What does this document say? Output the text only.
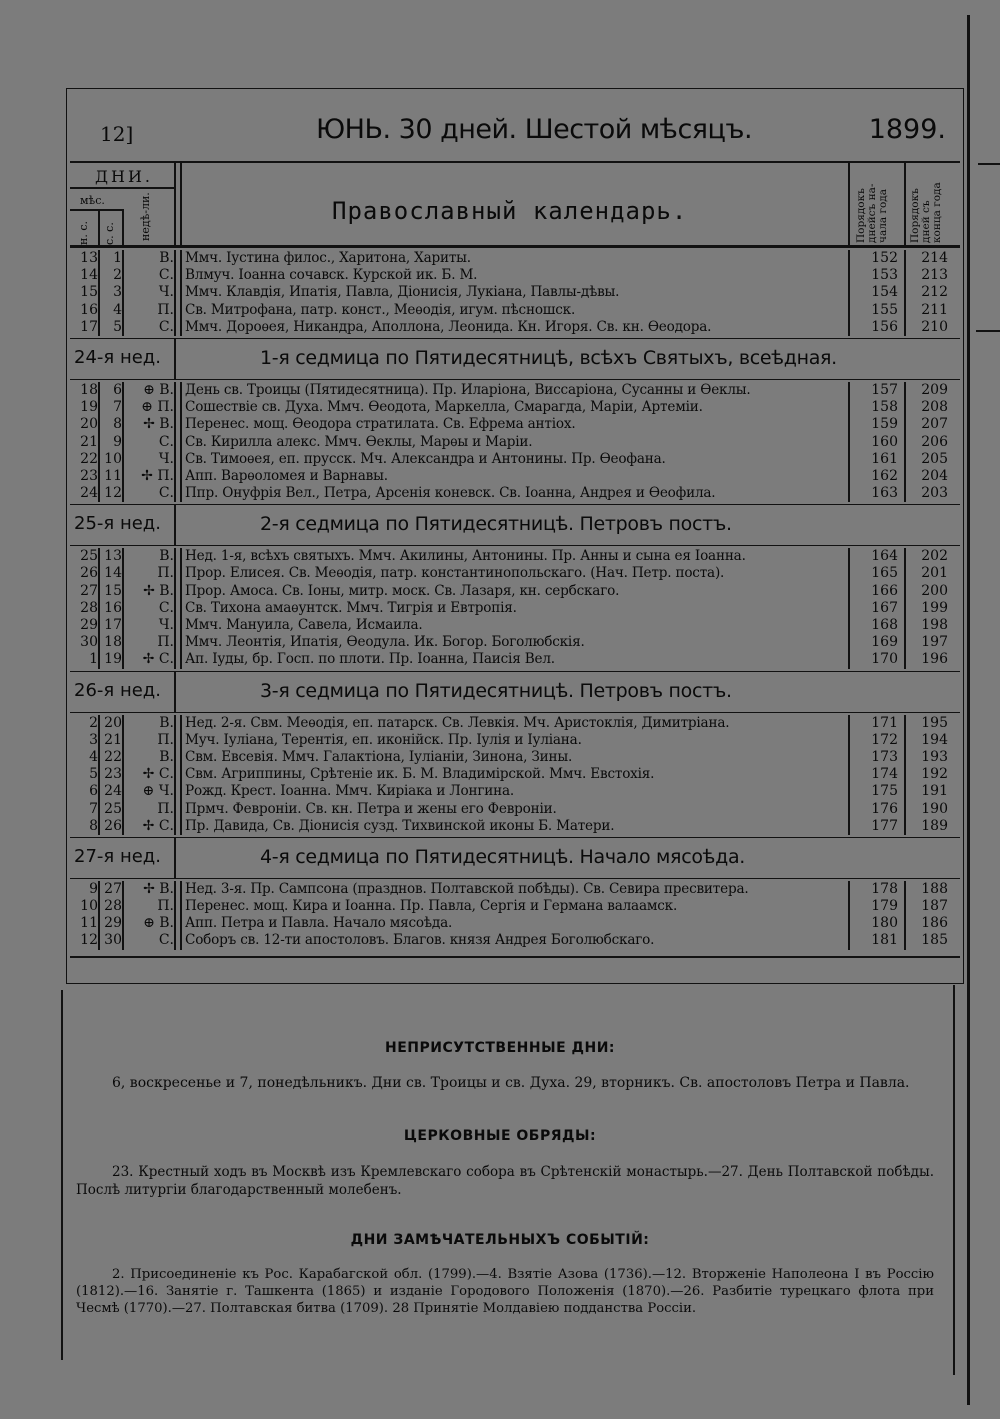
12]	ЮНЬ. 30 дней. Шестой мѣсяцъ.	1899.
ДНИ.
мѣс.
н. с. с. с. недѣ-ли.	Православный календарь.	Порядокъ днейсъ на-чала года	Порядокъ дней съ конца года
13	1	В. Ммч. Іустина филос., Харитона, Хариты.	152	214
14	2	С. Влмуч. Іоанна сочавск. Курской ик. Б. М.	153	213
15	3	Ч. Ммч. Клавдія, Ипатія, Павла, Діонисія, Лукіана, Павлы-дѣвы.	154	212
16	4	П. Св. Митрофана, патр. конст., Меѳодія, игум. пѣсношск.	155	211
17	5	С. Ммч. Дороѳея, Никандра, Аполлона, Леонида. Кн. Игоря. Св. кн. Ѳеодора.	156	210
24-я нед.	1-я седмица по Пятидесятницѣ, всѣхъ Святыхъ, всеѣдная.
18	6	⊕ В. День св. Троицы (Пятидесятница). Пр. Иларіона, Виссаріона, Сусанны и Ѳеклы.	157	209
19	7	⊕ П. Сошествіе св. Духа. Ммч. Ѳеодота, Маркелла, Смарагда, Маріи, Артеміи.	158	208
20	8	✢ В. Перенес. мощ. Ѳеодора стратилата. Св. Ефрема антіох.	159	207
21	9	С. Св. Кирилла алекс. Ммч. Ѳеклы, Марѳы и Маріи.	160	206
22 10	Ч. Св. Тимоѳея, еп. прусск. Мч. Александра и Антонины. Пр. Ѳеофана.	161	205
23 11	✢ П. Апп. Варѳоломея и Варнавы.	162	204
24 12	С. Ппр. Онуфрія Вел., Петра, Арсенія коневск. Св. Іоанна, Андрея и Ѳеофила.	163	203
25-я нед.	2-я седмица по Пятидесятницѣ. Петровъ постъ.
25 13	В. Нед. 1-я, всѣхъ святыхъ. Ммч. Акилины, Антонины. Пр. Анны и сына ея Іоанна.	164	202
26 14	П. Прор. Елисея. Св. Меѳодія, патр. константинопольскаго. (Нач. Петр. поста).	165	201
27 15	✢ В. Прор. Амоса. Св. Іоны, митр. моск. Св. Лазаря, кн. сербскаго.	166	200
28 16	С. Св. Тихона амаѳунтск. Ммч. Тигрія и Евтропія.	167	199
29 17	Ч. Ммч. Мануила, Савела, Исмаила.	168	198
30 18	П. Ммч. Леонтія, Ипатія, Ѳеодула. Ик. Богор. Боголюбскія.	169	197
1 19	✢ С. Ап. Іуды, бр. Госп. по плоти. Пр. Іоанна, Паисія Вел.	170	196
26-я нед.	3-я седмица по Пятидесятницѣ. Петровъ постъ.
2 20	В. Нед. 2-я. Свм. Меѳодія, еп. патарск. Св. Левкія. Мч. Аристоклія, Димитріана.	171	195
3 21	П. Муч. Іуліана, Терентія, еп. иконійск. Пр. Іулія и Іуліана.	172	194
4 22	В. Свм. Евсевія. Ммч. Галактіона, Іуліаніи, Зинона, Зины.	173	193
5 23	✢ С. Свм. Агриппины, Срѣтеніе ик. Б. М. Владимірской. Ммч. Евстохія.	174	192
6 24	⊕ Ч. Рожд. Крест. Іоанна. Ммч. Киріака и Лонгина.	175	191
7 25	П. Прмч. Февроніи. Св. кн. Петра и жены его Февроніи.	176	190
8 26	✢ С. Пр. Давида, Св. Діонисія сузд. Тихвинской иконы Б. Матери.	177	189
27-я нед.	4-я седмица по Пятидесятницѣ. Начало мясоѣда.
9 27	✢ В. Нед. 3-я. Пр. Сампсона (празднов. Полтавской побѣды). Св. Севира пресвитера.	178	188
10 28	П. Перенес. мощ. Кира и Іоанна. Пр. Павла, Сергія и Германа валаамск.	179	187
11 29	⊕ В. Апп. Петра и Павла. Начало мясоѣда.	180	186
12 30	С. Соборъ св. 12-ти апостоловъ. Благов. князя Андрея Боголюбскаго.	181	185
НЕПРИСУТСТВЕННЫЕ ДНИ:
6, воскресенье и 7, понедѣльникъ. Дни св. Троицы и св. Духа. 29, вторникъ. Св. апостоловъ Петра и Павла.
ЦЕРКОВНЫЕ ОБРЯДЫ:
23. Крестный ходъ въ Москвѣ изъ Кремлевскаго собора въ Срѣтенскій монастырь.—27. День Полтавской побѣды. Послѣ литургіи благодарственный молебенъ.
ДНИ ЗАМѢЧАТЕЛЬНЫХЪ СОБЫТІЙ:
2. Присоединеніе къ Рос. Карабагской обл. (1799).—4. Взятіе Азова (1736).—12. Вторженіе Наполеона I въ Россію (1812).—16. Занятіе г. Ташкента (1865) и изданіе Городового Положенія (1870).—26. Разбитіе турецкаго флота при Чесмѣ (1770).—27. Полтавская битва (1709). 28 Принятіе Молдавіею подданства Россіи.
